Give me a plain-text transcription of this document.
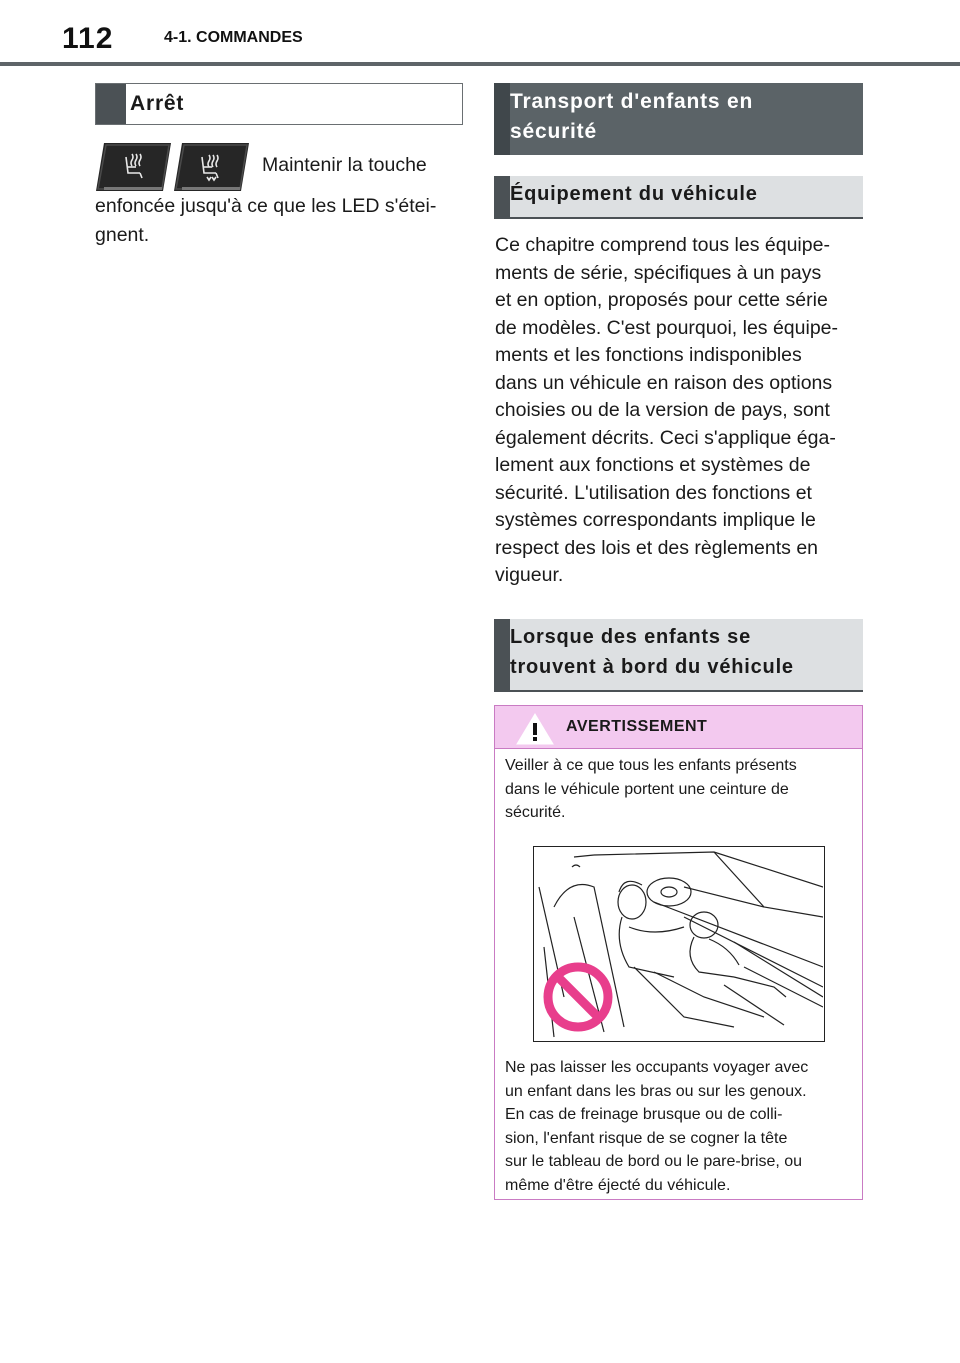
112	4-1. COMMANDES
Arrêt
Maintenir la touche
enfoncée jusqu'à ce que les LED s'étei-
gnent.
Transport d'enfants en
sécurité
Équipement du véhicule
Ce chapitre comprend tous les équipe-
ments de série, spécifiques à un pays
et en option, proposés pour cette série
de modèles. C'est pourquoi, les équipe-
ments et les fonctions indisponibles
dans un véhicule en raison des options
choisies ou de la version de pays, sont
également décrits. Ceci s'applique éga-
lement aux fonctions et systèmes de
sécurité. L'utilisation des fonctions et
systèmes correspondants implique le
respect des lois et des règlements en
vigueur.
Lorsque des enfants se
trouvent à bord du véhicule
AVERTISSEMENT
Veiller à ce que tous les enfants présents
dans le véhicule portent une ceinture de
sécurité.
Ne pas laisser les occupants voyager avec
un enfant dans les bras ou sur les genoux.
En cas de freinage brusque ou de colli-
sion, l'enfant risque de se cogner la tête
sur le tableau de bord ou le pare-brise, ou
même d'être éjecté du véhicule.
